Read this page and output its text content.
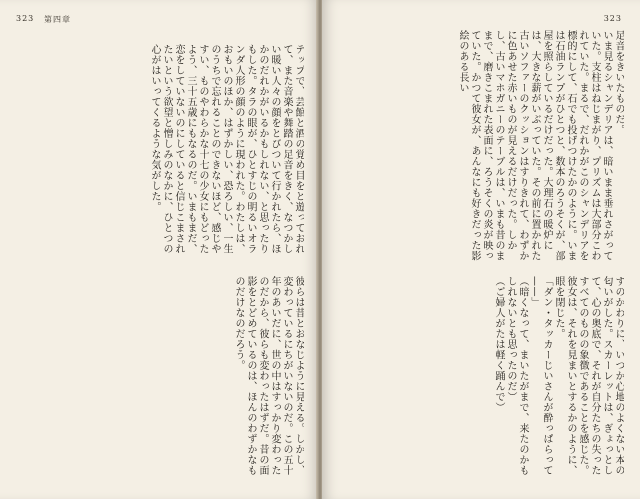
323 第四章
テップで、芸館と酒の覚め目をと遊っておれて、また音楽や舞踏の足音をきく、なつかしい暖い人々の顔をとびついて行かれたら、ほかのだれかがいるかもしれない、と思ったりもした。タラの眼が、ひとすじの明るいオランダ人形の顔のように現われた。わたしは、おもいのほか、はずかしい、恐ろしい、一生のうちで忘れることのできないほど、感じやすい、ものやわらかな十七の少女にもどったよう、三十五歳にもなるのだ。いまもまだ、恋をしていないのにしていると信じこまされたいという欲望と憎しみのなかに、ひとつの心がはいってくるような気がした。
彼らは昔とおなじように見える。しかし、変わっているにちがいないのだ。この五十年のあいだに、世の中はすっかり変わったのだから、彼らも変わったはずだ。昔の面影をとどめているのは、ほんのわずかなものだけなのだろう。
323
足音をきいたものだ。
いま見るシャンデリアは、暗いまま垂れさがっていた。支柱はねじまがり、プリズムは大部分こわれていた。まるで、だれかがこのシャンデリアを標的にして、石でも投げつけたかのように。いまは石油ランプがひとつと、数本のろうそくが、部屋を照らしているだけだった。大理石の暖炉には、大きな薪がいぶっていた。その前に置かれた古いソファーのクッションはすりきれて、わずかに色あせた赤いものが見えるだけだった。しかし、古いマホガニーのテーブルは、いまも昔のままで、磨きこまれた表面に、ろうそくの炎が映っていた。かつて彼女が、あんなにも好きだった影絵のある長い
すのかわりに、いつか心地のよくない本の匂いがした。スカーレットは、ぎょっとして、心の奥底で、それが自分たちの失ったすべてのものの象徴であることを感じた。彼女は、それを見まいとするかのように、眼を閉じた。
「ダン・タッカーじいさんが酔っぱらって——」
（暗くなって、まいたがまで、来たのかもしれないとも思ったのだ）
（ご婦人がたは軽く踊んで）
